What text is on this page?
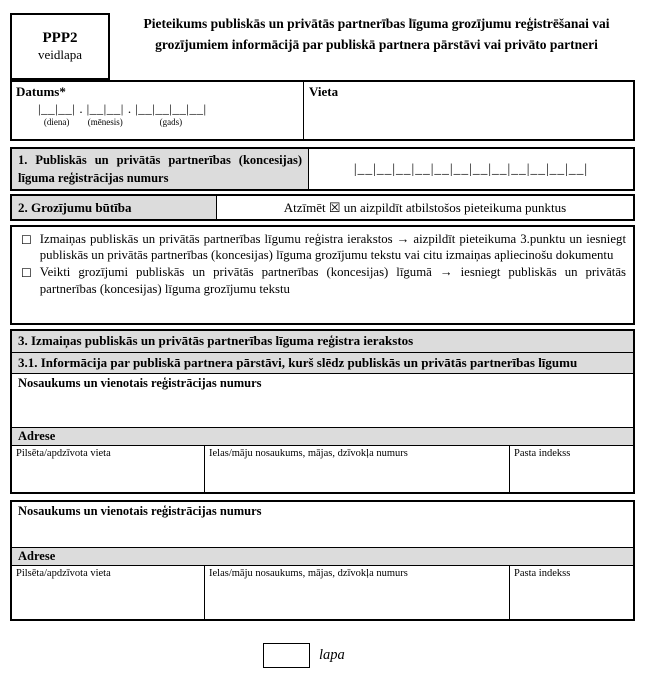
PPP2
veidlapa
Pieteikums publiskās un privātās partnerības līguma grozījumu reģistrēšanai vai grozījumiem informācijā par publiskā partnera pārstāvi vai privāto partneri
Datums*
|__|__|
(diena)
. |__|__|
(mēnesis)
. |__|__|__|__|
(gads)
Vieta
1. Publiskās un privātās partnerības (koncesijas) līguma reģistrācijas numurs
|__|__|__|__|__|__|__|__|__|__|__|__|
2. Grozījumu būtība	Atzīmēt ☒ un aizpildīt atbilstošos pieteikuma punktus
☐ Izmaiņas publiskās un privātās partnerības līgumu reģistra ierakstos → aizpildīt pieteikuma 3.punktu un iesniegt publiskās un privātās partnerības (koncesijas) līguma grozījumu tekstu vai citu izmaiņas apliecinošu dokumentu
☐ Veikti grozījumi publiskās un privātās partnerības (koncesijas) līgumā → iesniegt publiskās un privātās partnerības (koncesijas) līguma grozījumu tekstu
3. Izmaiņas publiskās un privātās partnerības līguma reģistra ierakstos
3.1. Informācija par publiskā partnera pārstāvi, kurš slēdz publiskās un privātās partnerības līgumu
Nosaukums un vienotais reģistrācijas numurs
Adrese
Pilsēta/apdzīvota vieta	Ielas/māju nosaukums, mājas, dzīvokļa numurs	Pasta indekss
Nosaukums un vienotais reģistrācijas numurs
Adrese
Pilsēta/apdzīvota vieta	Ielas/māju nosaukums, mājas, dzīvokļa numurs	Pasta indekss
lapa
